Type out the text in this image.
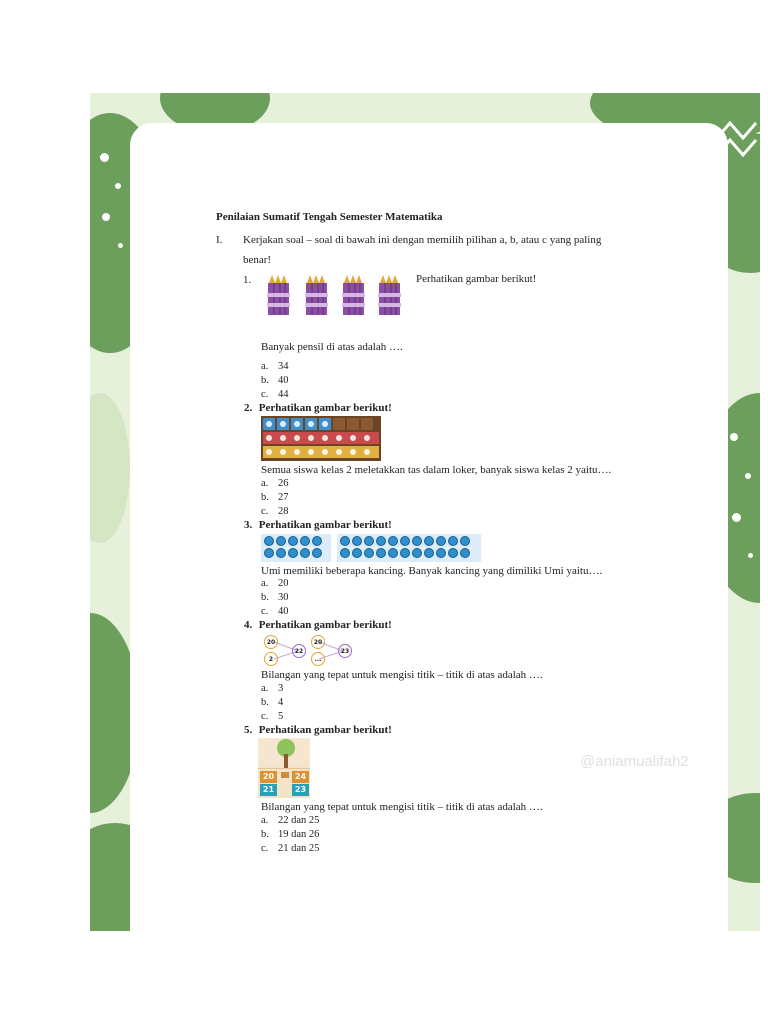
Penilaian Sumatif Tengah Semester Matematika
I. Kerjakan soal – soal di bawah ini dengan memilih pilihan a, b, atau c yang paling
benar!
1.	Perhatikan gambar berikut!
Banyak pensil di atas adalah ….
a. 34
b. 40
c. 44
2. Perhatikan gambar berikut!
Semua siswa kelas 2 meletakkan tas dalam loker, banyak siswa kelas 2 yaitu….
a. 26
b. 27
c. 28
3. Perhatikan gambar berikut!
Umi memiliki beberapa kancing. Banyak kancing yang dimiliki Umi yaitu….
a. 20
b. 30
c. 40
4. Perhatikan gambar berikut!
20
2
22
20
...
23
Bilangan yang tepat untuk mengisi titik – titik di atas adalah ….
a. 3
b. 4
c. 5
5. Perhatikan gambar berikut!
20	24
21	23
Bilangan yang tepat untuk mengisi titik – titik di atas adalah ….
a. 22 dan 25
b. 19 dan 26
c. 21 dan 25
@aniamualifah2
